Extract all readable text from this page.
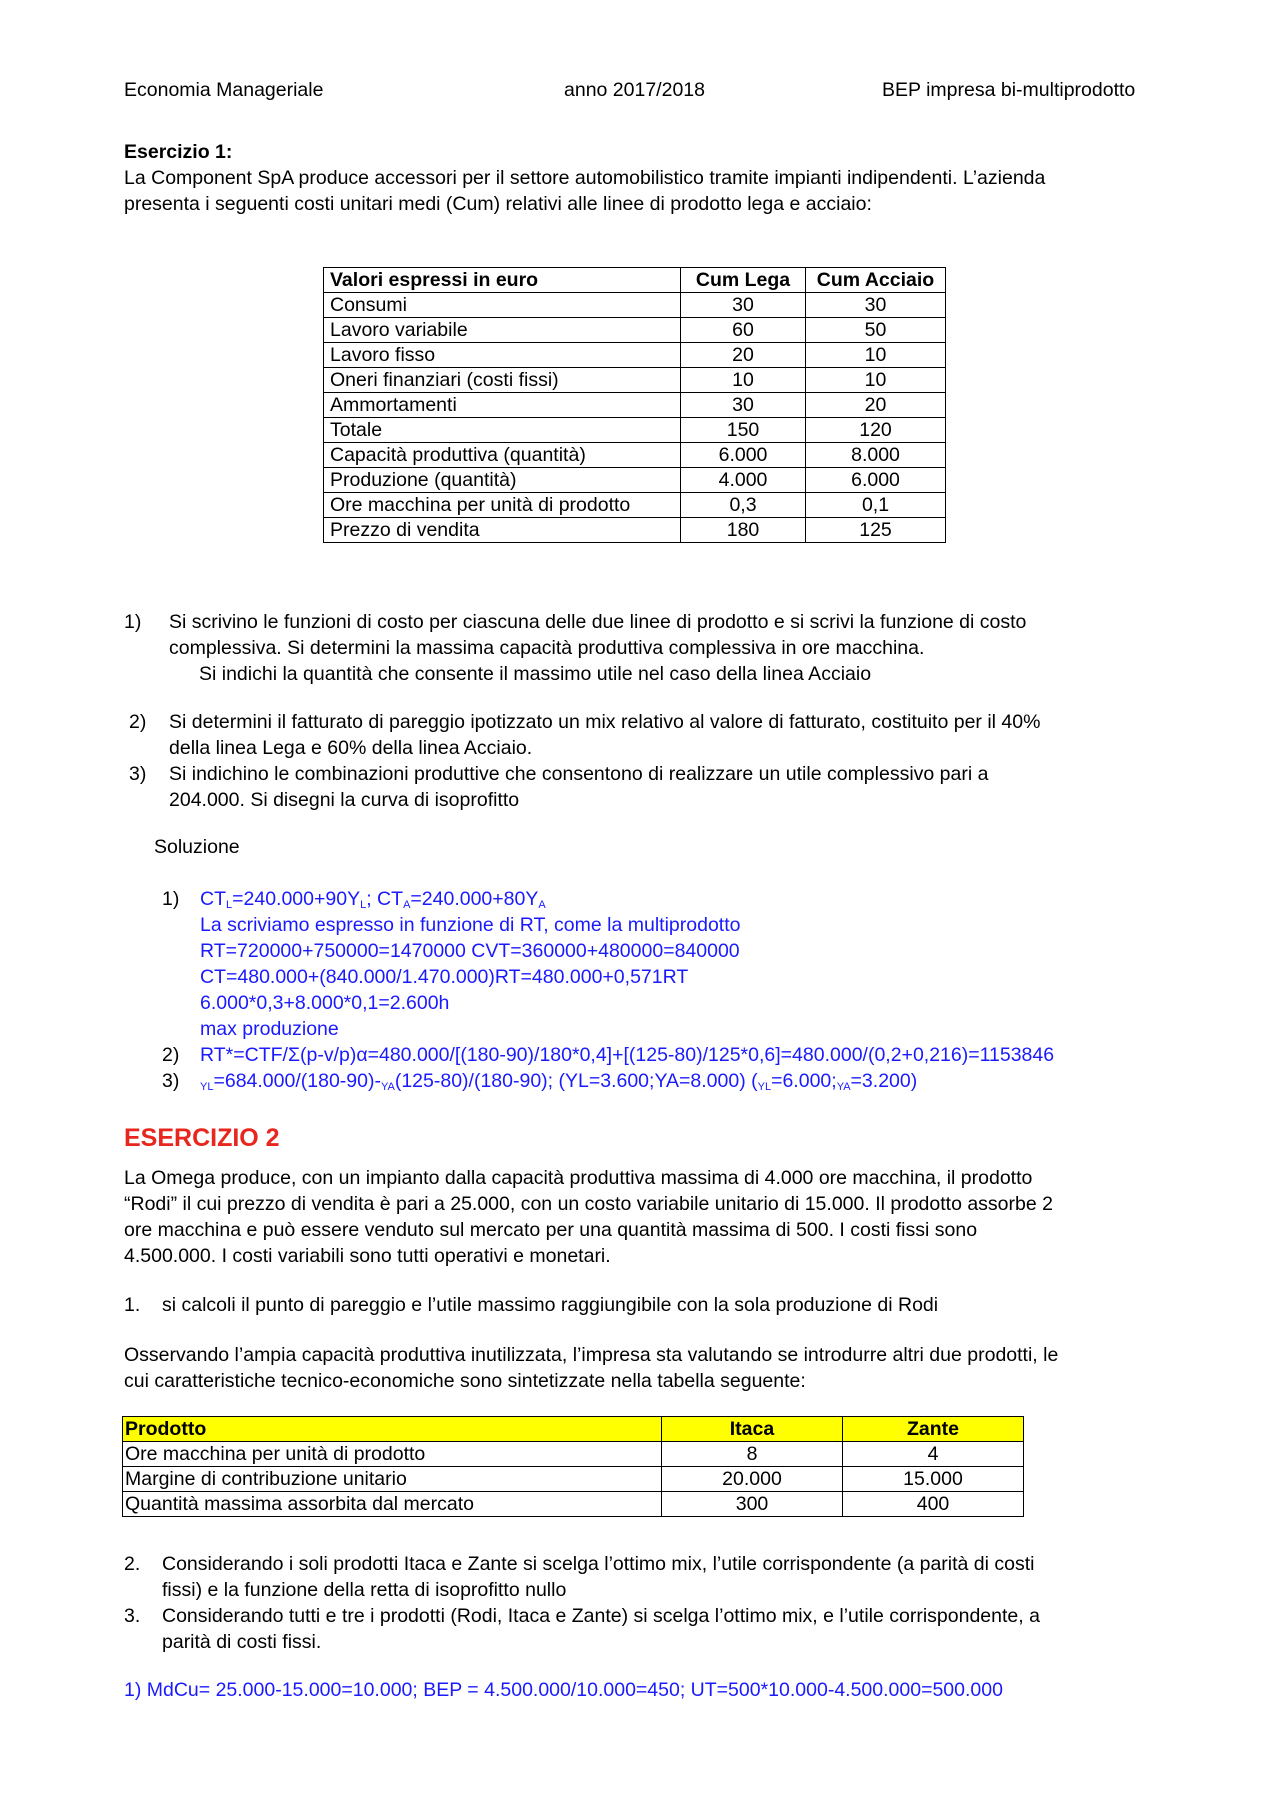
Economia Manageriale	anno 2017/2018	BEP impresa bi-multiprodotto
Esercizio 1:
La Component SpA produce accessori per il settore automobilistico tramite impianti indipendenti. L’azienda
presenta i seguenti costi unitari medi (Cum) relativi alle linee di prodotto lega e acciaio:
Valori espressi in euro	Cum Lega	Cum Acciaio
Consumi	30	30
Lavoro variabile	60	50
Lavoro fisso	20	10
Oneri finanziari (costi fissi)	10	10
Ammortamenti	30	20
Totale	150	120
Capacità produttiva (quantità)	6.000	8.000
Produzione (quantità)	4.000	6.000
Ore macchina per unità di prodotto	0,3	0,1
Prezzo di vendita	180	125
1) Si scrivino le funzioni di costo per ciascuna delle due linee di prodotto e si scrivi la funzione di costo
complessiva. Si determini la massima capacità produttiva complessiva in ore macchina.
Si indichi la quantità che consente il massimo utile nel caso della linea Acciaio
2) Si determini il fatturato di pareggio ipotizzato un mix relativo al valore di fatturato, costituito per il 40%
della linea Lega e 60% della linea Acciaio.
3) Si indichino le combinazioni produttive che consentono di realizzare un utile complessivo pari a
204.000. Si disegni la curva di isoprofitto
Soluzione
1) CTL=240.000+90YL; CTA=240.000+80YA
La scriviamo espresso in funzione di RT, come la multiprodotto
RT=720000+750000=1470000 CVT=360000+480000=840000
CT=480.000+(840.000/1.470.000)RT=480.000+0,571RT
6.000*0,3+8.000*0,1=2.600h
max produzione
2) RT*=CTF/Σ(p-v/p)α=480.000/[(180-90)/180*0,4]+[(125-80)/125*0,6]=480.000/(0,2+0,216)=1153846
3) YL=684.000/(180-90)-YA(125-80)/(180-90); (YL=3.600;YA=8.000) (YL=6.000;YA=3.200)
ESERCIZIO 2
La Omega produce, con un impianto dalla capacità produttiva massima di 4.000 ore macchina, il prodotto
“Rodi” il cui prezzo di vendita è pari a 25.000, con un costo variabile unitario di 15.000. Il prodotto assorbe 2
ore macchina e può essere venduto sul mercato per una quantità massima di 500. I costi fissi sono
4.500.000. I costi variabili sono tutti operativi e monetari.
1. si calcoli il punto di pareggio e l’utile massimo raggiungibile con la sola produzione di Rodi
Osservando l’ampia capacità produttiva inutilizzata, l’impresa sta valutando se introdurre altri due prodotti, le
cui caratteristiche tecnico-economiche sono sintetizzate nella tabella seguente:
Prodotto	Itaca	Zante
Ore macchina per unità di prodotto	8	4
Margine di contribuzione unitario	20.000	15.000
Quantità massima assorbita dal mercato	300	400
2. Considerando i soli prodotti Itaca e Zante si scelga l’ottimo mix, l’utile corrispondente (a parità di costi
fissi) e la funzione della retta di isoprofitto nullo
3. Considerando tutti e tre i prodotti (Rodi, Itaca e Zante) si scelga l’ottimo mix, e l’utile corrispondente, a
parità di costi fissi.
1) MdCu= 25.000-15.000=10.000; BEP = 4.500.000/10.000=450; UT=500*10.000-4.500.000=500.000
